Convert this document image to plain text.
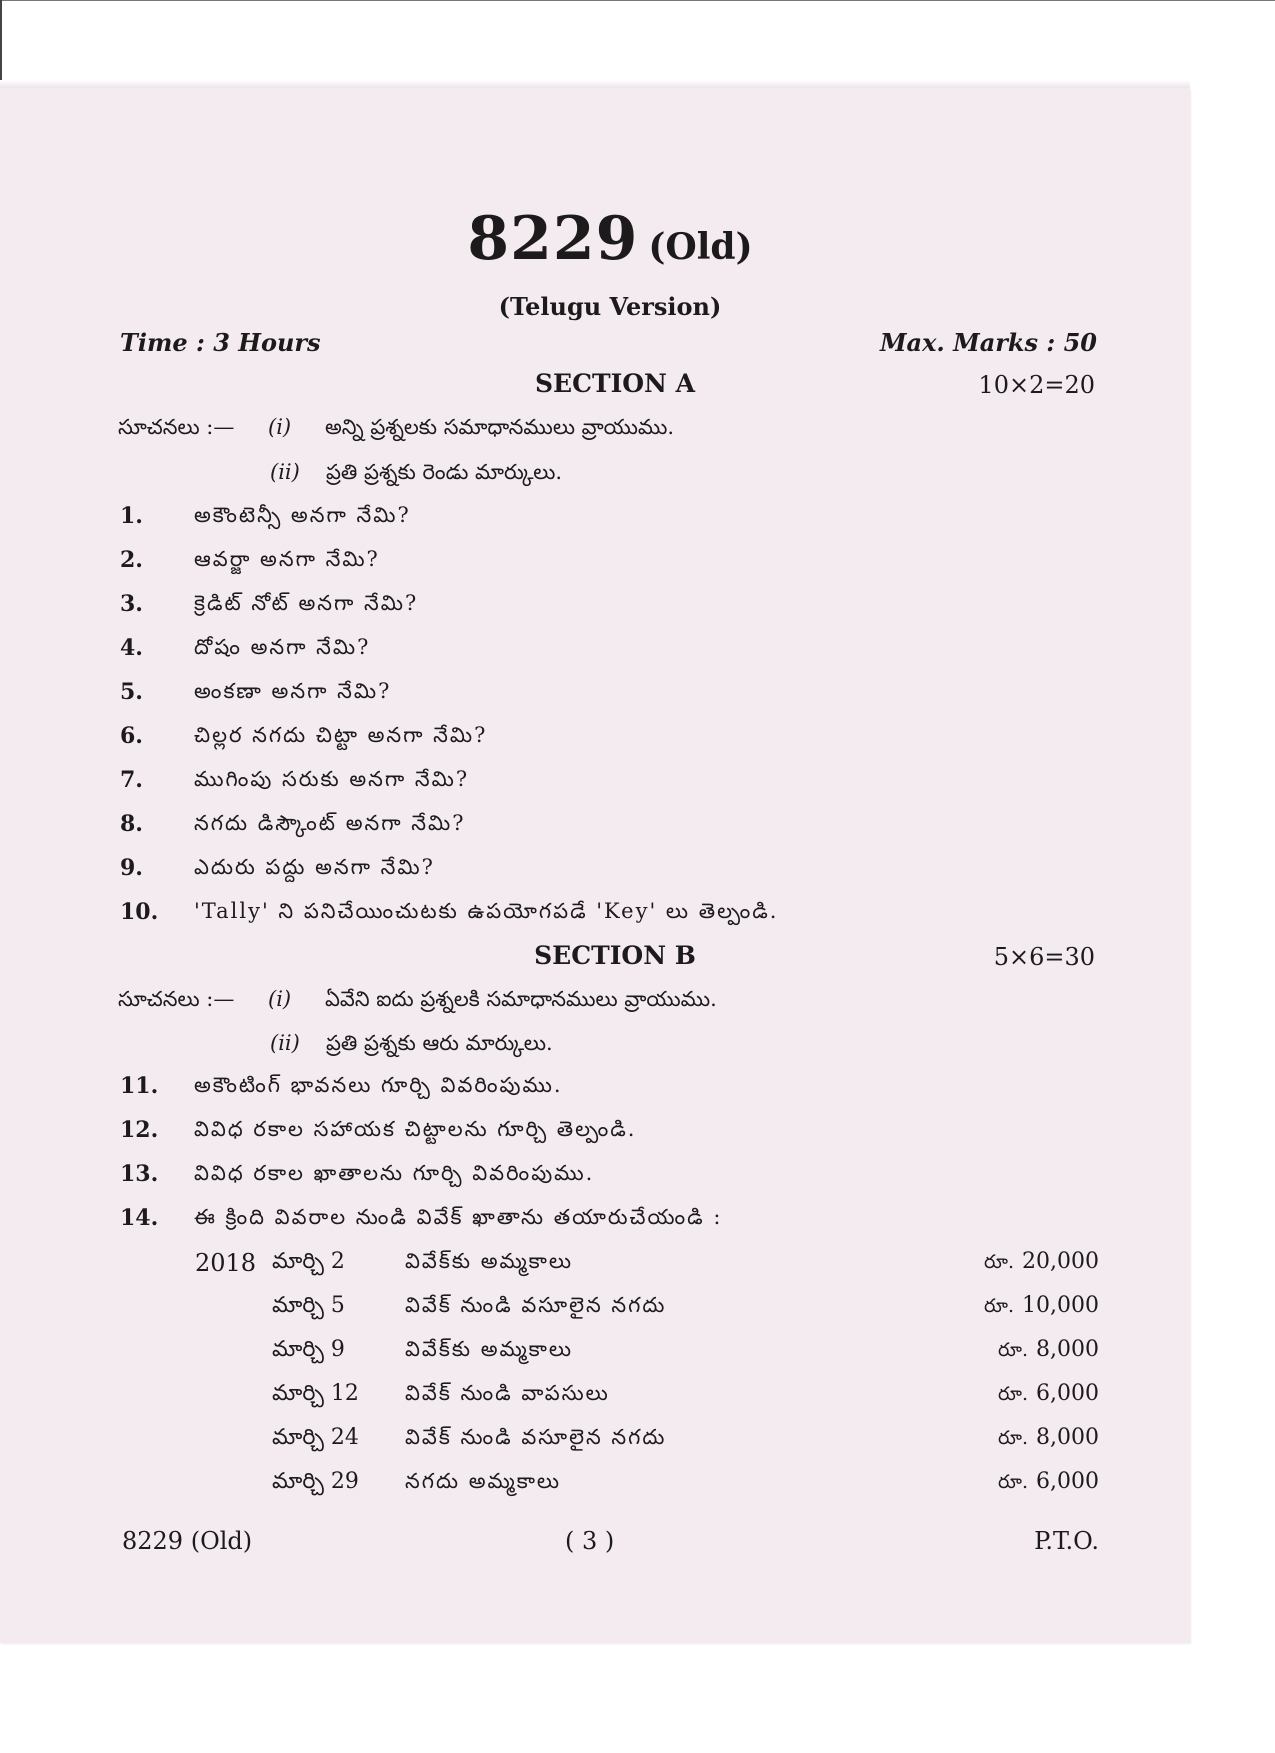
8229 (Old)
(Telugu Version)
Time : 3 Hours	Max. Marks : 50
SECTION A	10×2=20
సూచనలు :— (i) అన్ని ప్రశ్నలకు సమాధానములు వ్రాయుము.
(ii) ప్రతి ప్రశ్నకు రెండు మార్కులు.
1. అకౌంటెన్సీ అనగా నేమి?
2. ఆవర్జా అనగా నేమి?
3. క్రెడిట్ నోట్ అనగా నేమి?
4. దోషం అనగా నేమి?
5. అంకణా అనగా నేమి?
6. చిల్లర నగదు చిట్టా అనగా నేమి?
7. ముగింపు సరుకు అనగా నేమి?
8. నగదు డిస్కౌంట్ అనగా నేమి?
9. ఎదురు పద్దు అనగా నేమి?
10. 'Tally' ని పనిచేయించుటకు ఉపయోగపడే 'Key' లు తెల్పండి.
SECTION B	5×6=30
సూచనలు :— (i) ఏవేని ఐదు ప్రశ్నలకి సమాధానములు వ్రాయుము.
(ii) ప్రతి ప్రశ్నకు ఆరు మార్కులు.
11. అకౌంటింగ్ భావనలు గూర్చి వివరింపుము.
12. వివిధ రకాల సహాయక చిట్టాలను గూర్చి తెల్పండి.
13. వివిధ రకాల ఖాతాలను గూర్చి వివరింపుము.
14. ఈ క్రింది వివరాల నుండి వివేక్ ఖాతాను తయారుచేయండి :
2018 మార్చి 2	వివేక్‌కు అమ్మకాలు	రూ. 20,000
మార్చి 5	వివేక్ నుండి వసూలైన నగదు	రూ. 10,000
మార్చి 9	వివేక్‌కు అమ్మకాలు	రూ. 8,000
మార్చి 12 వివేక్ నుండి వాపసులు	రూ. 6,000
మార్చి 24 వివేక్ నుండి వసూలైన నగదు	రూ. 8,000
మార్చి 29 నగదు అమ్మకాలు	రూ. 6,000
8229 (Old)	( 3 )	P.T.O.
